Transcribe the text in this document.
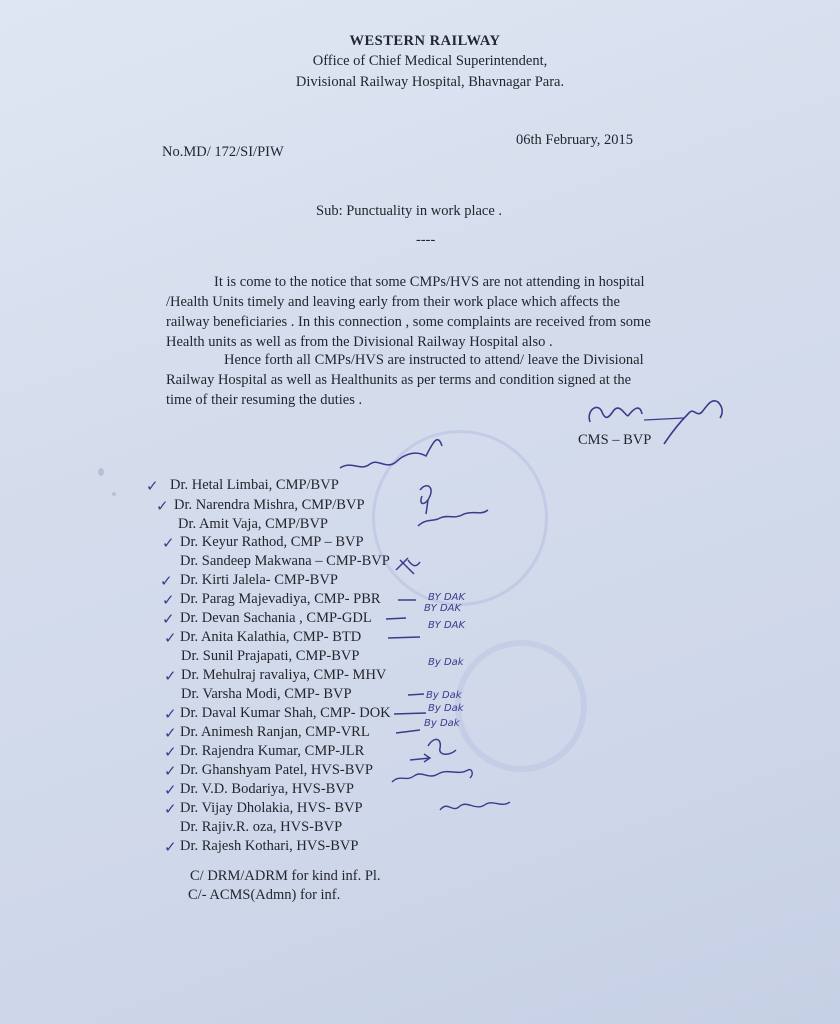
WESTERN RAILWAY
Office of Chief Medical Superintendent,
Divisional Railway Hospital, Bhavnagar Para.
No.MD/ 172/SI/PIW
06th February, 2015
Sub: Punctuality in work place .
----
It is come to the notice that some CMPs/HVS are not attending in hospital
/Health Units timely and leaving early from their work place which affects the
railway beneficiaries . In this connection , some complaints are received from some
Health units as well as from the Divisional Railway Hospital also .
Hence forth all CMPs/HVS are instructed to attend/ leave the Divisional
Railway Hospital as well as Healthunits as per terms and condition signed at the
time of their resuming the duties .
CMS – BVP
Dr. Hetal Limbai, CMP/BVP
Dr. Narendra Mishra, CMP/BVP
Dr. Amit Vaja, CMP/BVP
Dr. Keyur Rathod, CMP – BVP
Dr. Sandeep Makwana – CMP-BVP
Dr. Kirti Jalela- CMP-BVP
Dr. Parag Majevadiya, CMP- PBR
Dr. Devan Sachania , CMP-GDL
Dr. Anita Kalathia, CMP- BTD
Dr. Sunil Prajapati, CMP-BVP
Dr. Mehulraj ravaliya, CMP- MHV
Dr. Varsha Modi, CMP- BVP
Dr. Daval Kumar Shah, CMP- DOK
Dr. Animesh Ranjan, CMP-VRL
Dr. Rajendra Kumar, CMP-JLR
Dr. Ghanshyam Patel, HVS-BVP
Dr. V.D. Bodariya, HVS-BVP
Dr. Vijay Dholakia, HVS- BVP
Dr. Rajiv.R. oza, HVS-BVP
Dr. Rajesh Kothari, HVS-BVP
✓
✓
✓
✓
✓
✓
✓
✓
✓
✓
✓
✓
✓
✓
✓
BY DAK
BY DAK
BY DAK
By Dak
By Dak
By Dak
By Dak
C/ DRM/ADRM for kind inf. Pl.
C/- ACMS(Admn) for inf.
